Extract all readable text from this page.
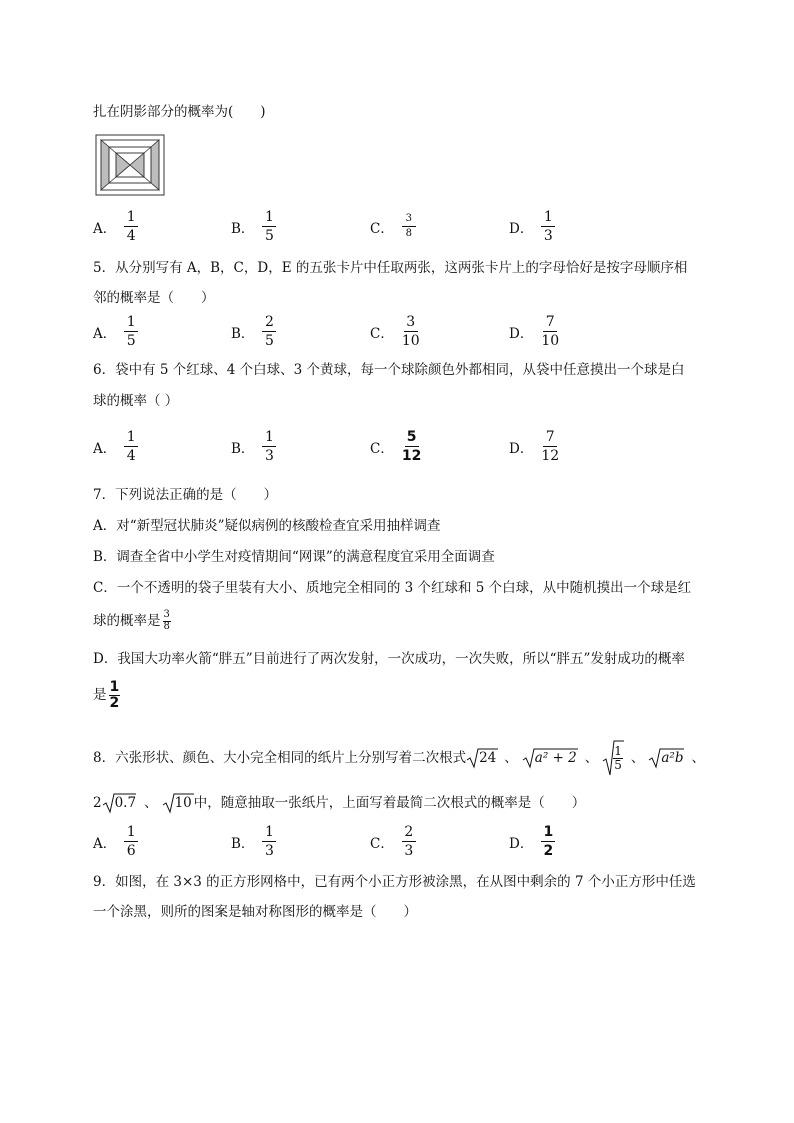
扎在阴影部分的概率为(　　)
A． $\frac{1}{4}$	B． $\frac{1}{5}$	C． $\frac{3}{8}$	D． $\frac{1}{3}$
5．从分别写有 A，B，C，D，E 的五张卡片中任取两张，这两张卡片上的字母恰好是按字母顺序相
邻的概率是（　　）
A． $\frac{1}{5}$	B． $\frac{2}{5}$	C． $\frac{3}{10}$	D． $\frac{7}{10}$
6．袋中有 5 个红球、4 个白球、3 个黄球，每一个球除颜色外都相同，从袋中任意摸出一个球是白
球的概率（ ）
A． $\frac{1}{4}$	B． $\frac{1}{3}$	C． $\frac{5}{12}$	D． $\frac{7}{12}$
7．下列说法正确的是（　　）
A．对“新型冠状肺炎”疑似病例的核酸检查宜采用抽样调查
B．调查全省中小学生对疫情期间“网课”的满意程度宜采用全面调查
C．一个不透明的袋子里装有大小、质地完全相同的 3 个红球和 5 个白球，从中随机摸出一个球是红
球的概率是 $\frac{3}{8}$
D．我国大功率火箭“胖五”目前进行了两次发射，一次成功，一次失败，所以“胖五”发射成功的概率
是 $\frac{1}{2}$
8．六张形状、颜色、大小完全相同的纸片上分别写着二次根式 24 、 a² + 2 、 $\frac{1}{5}$ 、 a²b 、
2 0.7 、 10 中，随意抽取一张纸片，上面写着最简二次根式的概率是（　　）
A． $\frac{1}{6}$	B． $\frac{1}{3}$	C． $\frac{2}{3}$	D． $\frac{1}{2}$
9．如图，在 3×3 的正方形网格中，已有两个小正方形被涂黑，在从图中剩余的 7 个小正方形中任选
一个涂黑，则所的图案是轴对称图形的概率是（　　）
